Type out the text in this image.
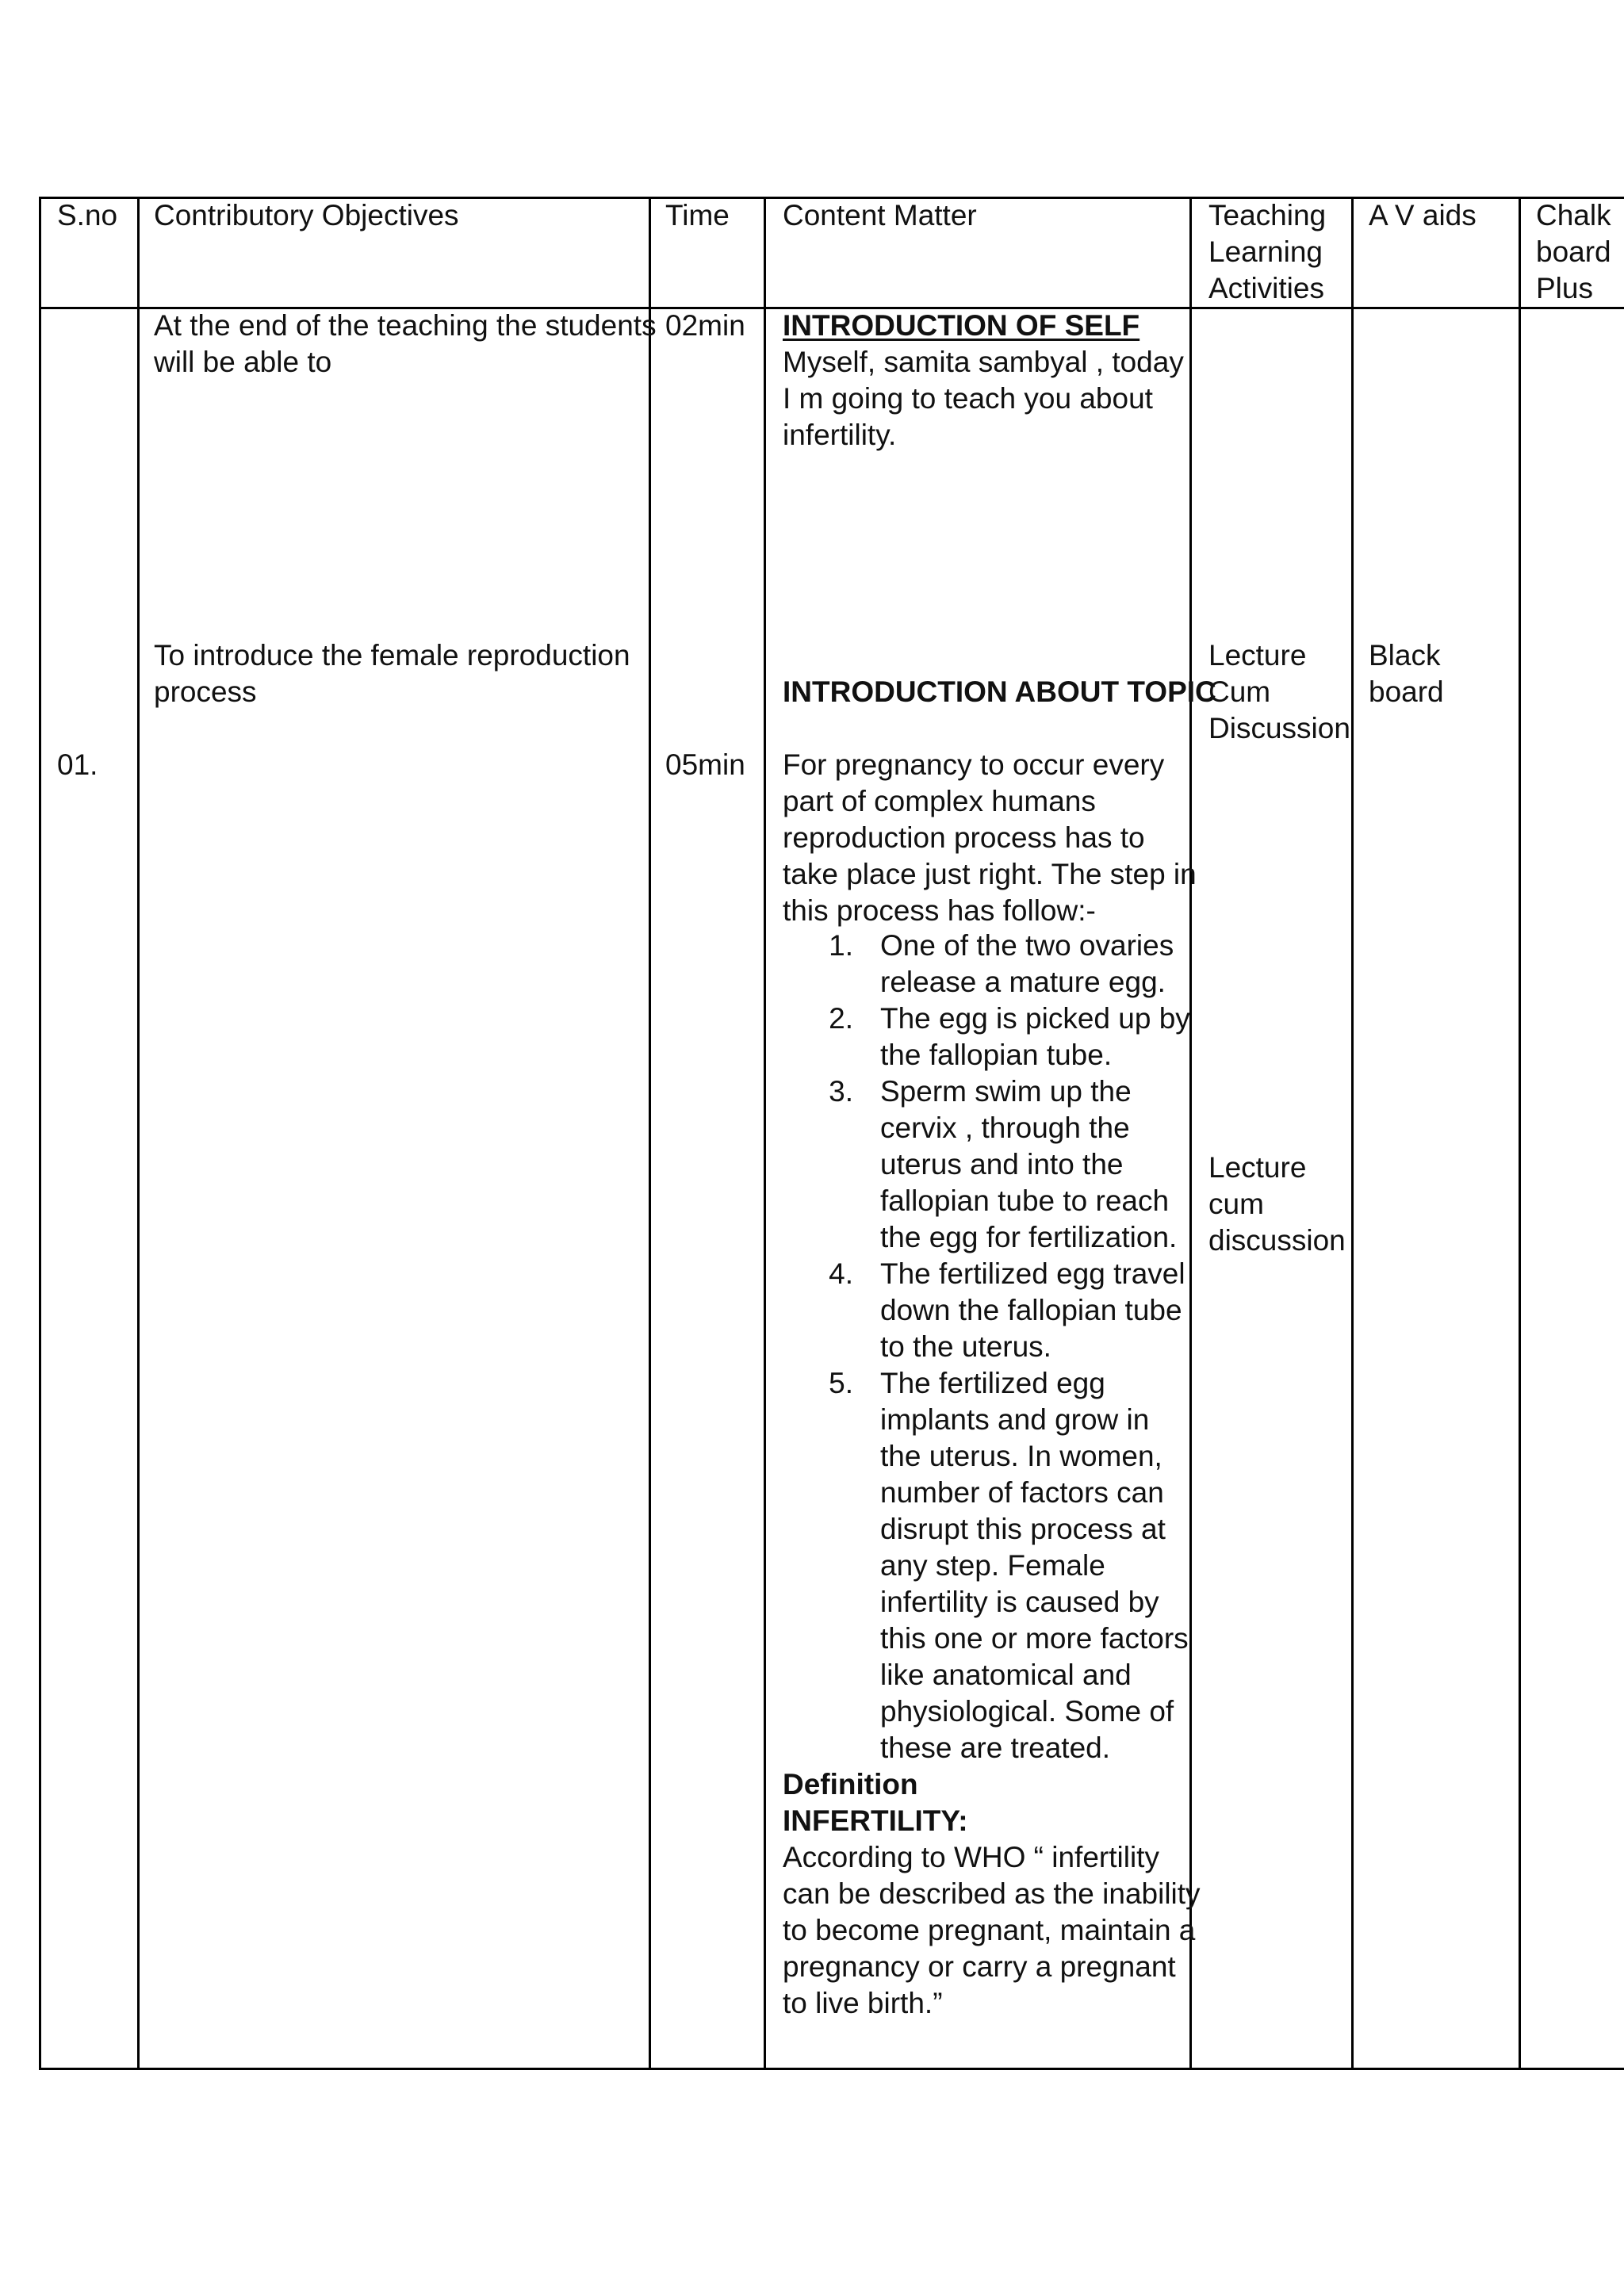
S.no Contributory Objectives	Time Content Matter	Teaching
Learning
Activities
A V aids Chalk
board
Plus
01.
At the end of the teaching the students
will be able to
To introduce the female reproduction
process
02min
05min
INTRODUCTION OF SELF
Myself, samita sambyal , today
I m going to teach you about
infertility.
INTRODUCTION ABOUT TOPIC
For pregnancy to occur every
part of complex humans
reproduction process has to
take place just right. The step in
this process has follow:-
1. One of the two ovaries
release a mature egg.
2. The egg is picked up by
the fallopian tube.
3. Sperm swim up the
cervix , through the
uterus and into the
fallopian tube to reach
the egg for fertilization.
4. The fertilized egg travel
down the fallopian tube
to the uterus.
5. The fertilized egg
implants and grow in
the uterus. In women,
number of factors can
disrupt this process at
any step. Female
infertility is caused by
this one or more factors
like anatomical and
physiological. Some of
these are treated.
Definition
INFERTILITY:
According to WHO “ infertility
can be described as the inability
to become pregnant, maintain a
pregnancy or carry a pregnant
to live birth.”
Lecture
Cum
Discussion
Lecture
cum
discussion
Black
board
